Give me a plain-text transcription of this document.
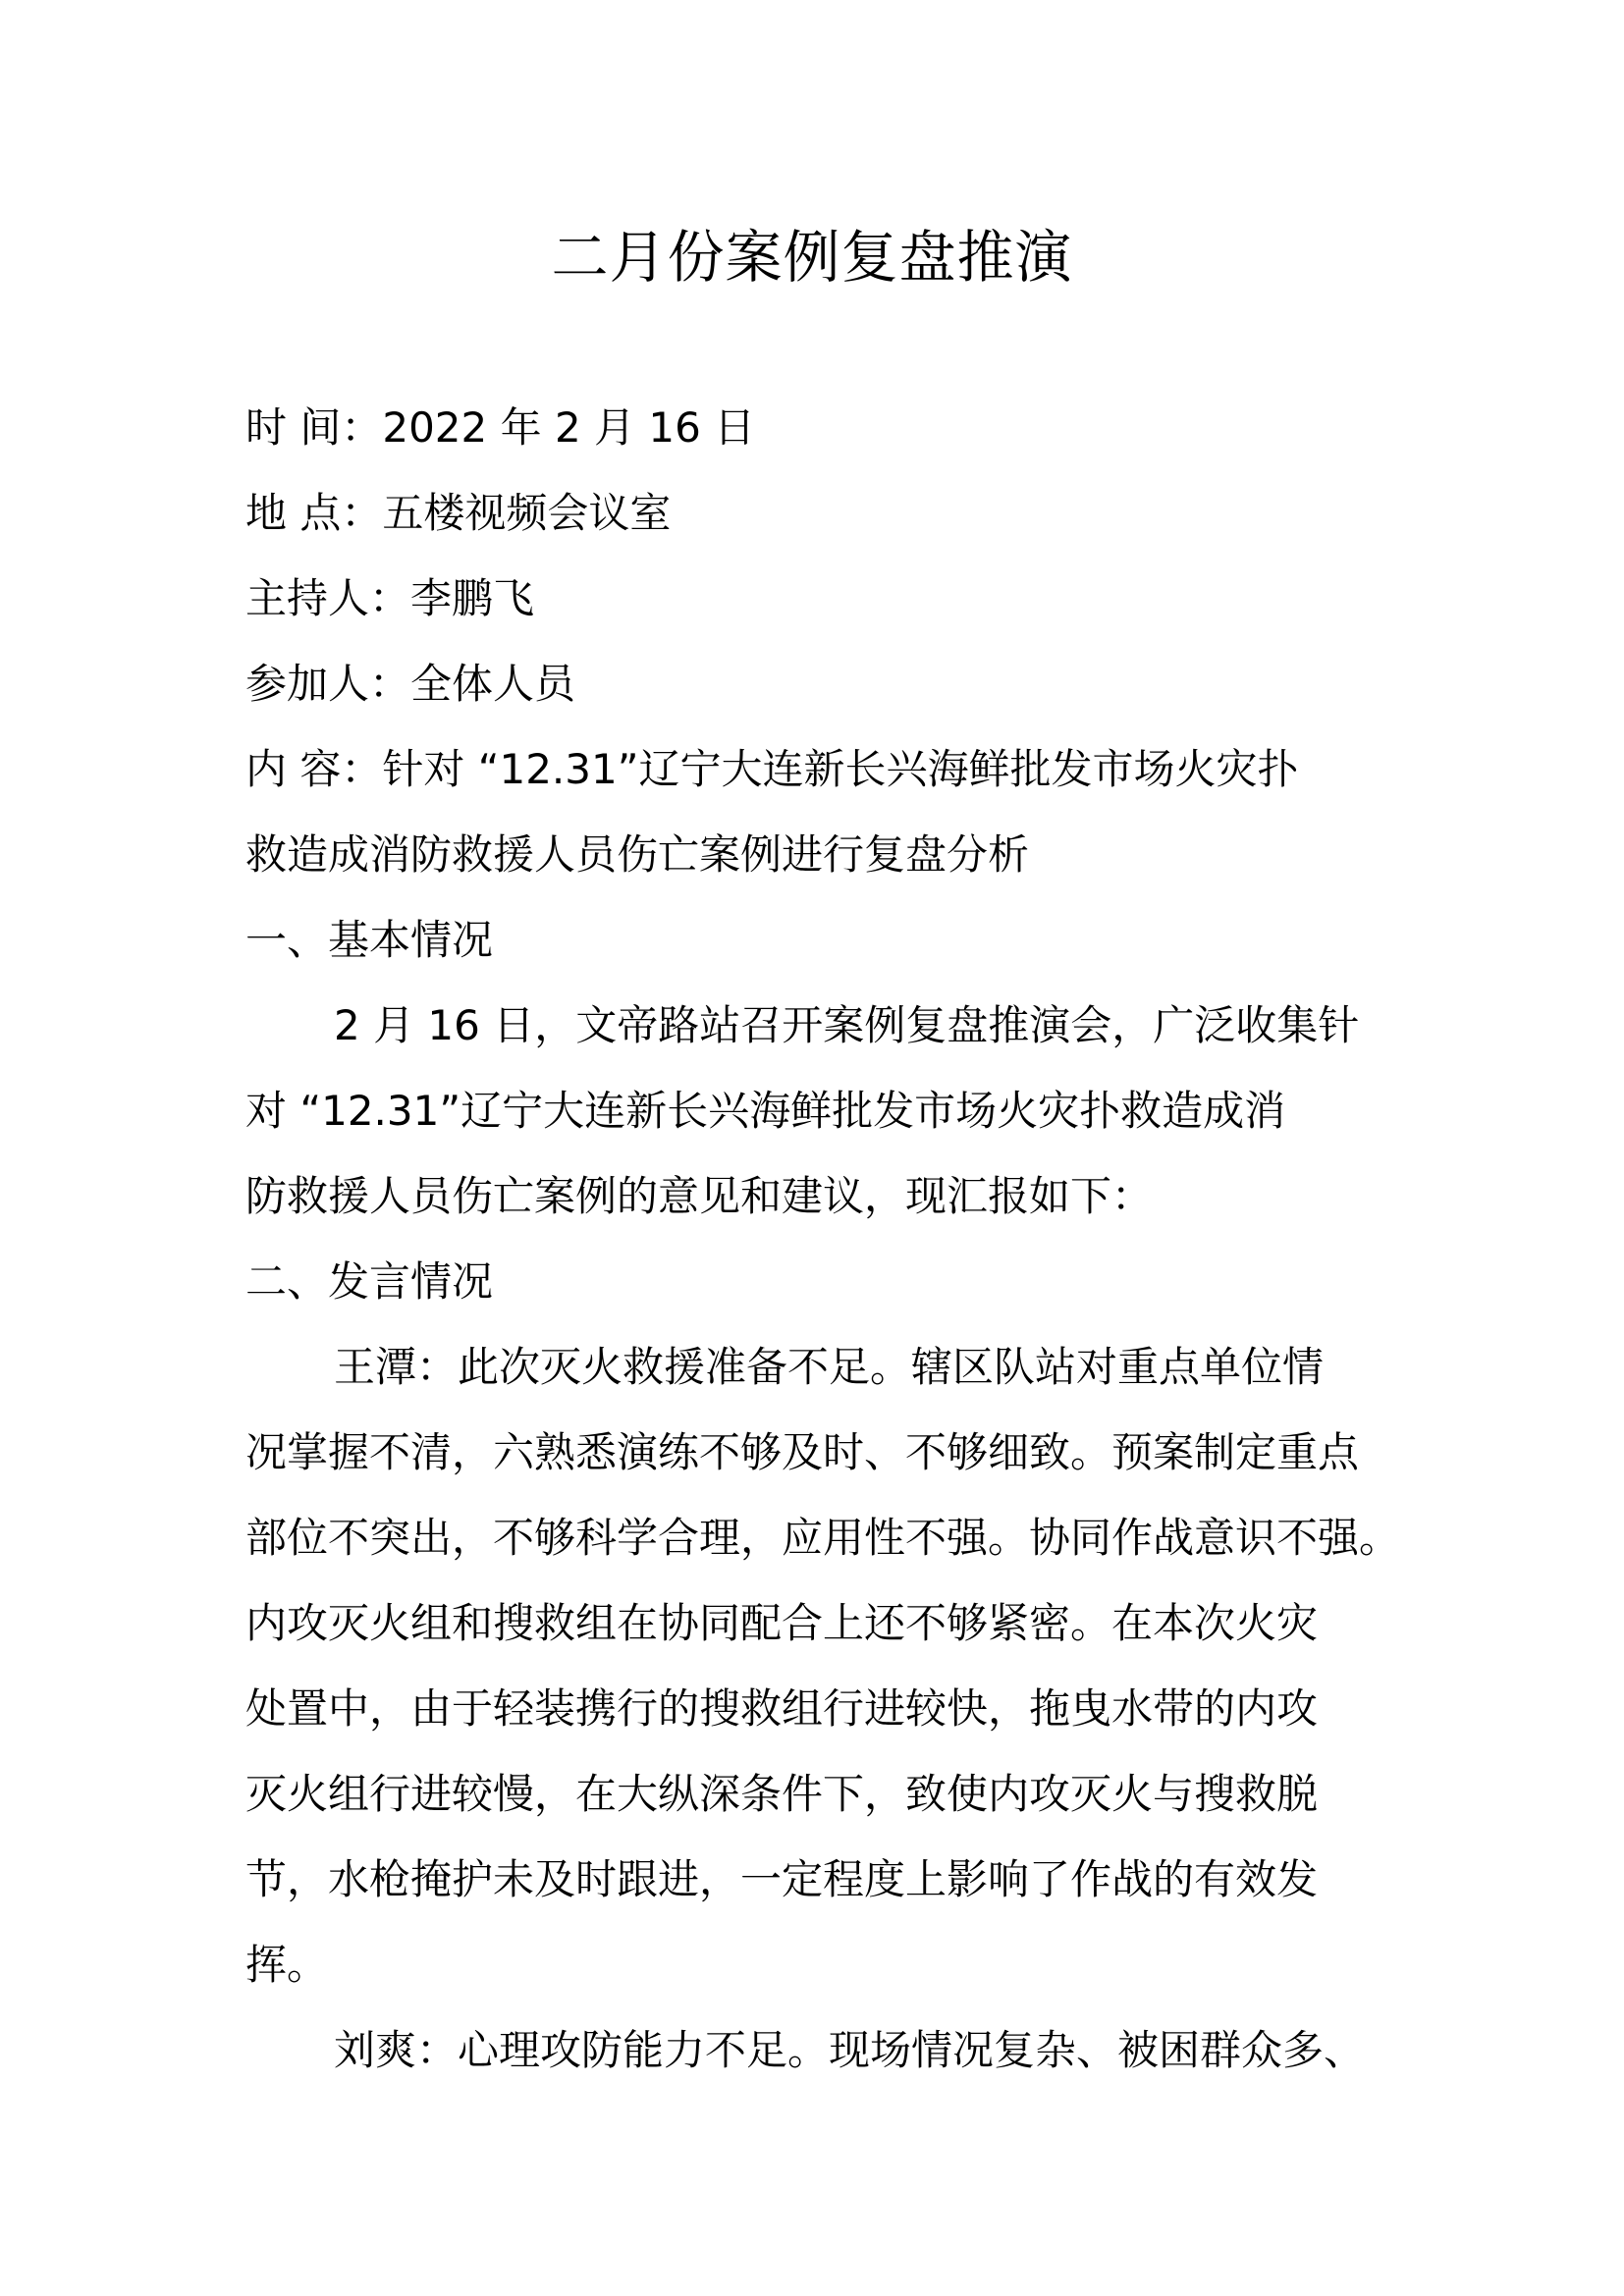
二月份案例复盘推演
时 间：2022 年 2 月 16 日
地 点：五楼视频会议室
主持人：李鹏飞
参加人：全体人员
内 容：针对 “12.31”辽宁大连新长兴海鲜批发市场火灾扑
救造成消防救援人员伤亡案例进行复盘分析
一、基本情况
2 月 16 日，文帝路站召开案例复盘推演会，广泛收集针
对 “12.31”辽宁大连新长兴海鲜批发市场火灾扑救造成消
防救援人员伤亡案例的意见和建议，现汇报如下：
二、发言情况
王潭：此次灭火救援准备不足。辖区队站对重点单位情
况掌握不清，六熟悉演练不够及时、不够细致。预案制定重点
部位不突出，不够科学合理，应用性不强。协同作战意识不强。
内攻灭火组和搜救组在协同配合上还不够紧密。在本次火灾
处置中，由于轻装携行的搜救组行进较快，拖曳水带的内攻
灭火组行进较慢，在大纵深条件下，致使内攻灭火与搜救脱
节，水枪掩护未及时跟进，一定程度上影响了作战的有效发
挥。
刘爽：心理攻防能力不足。现场情况复杂、被困群众多、
